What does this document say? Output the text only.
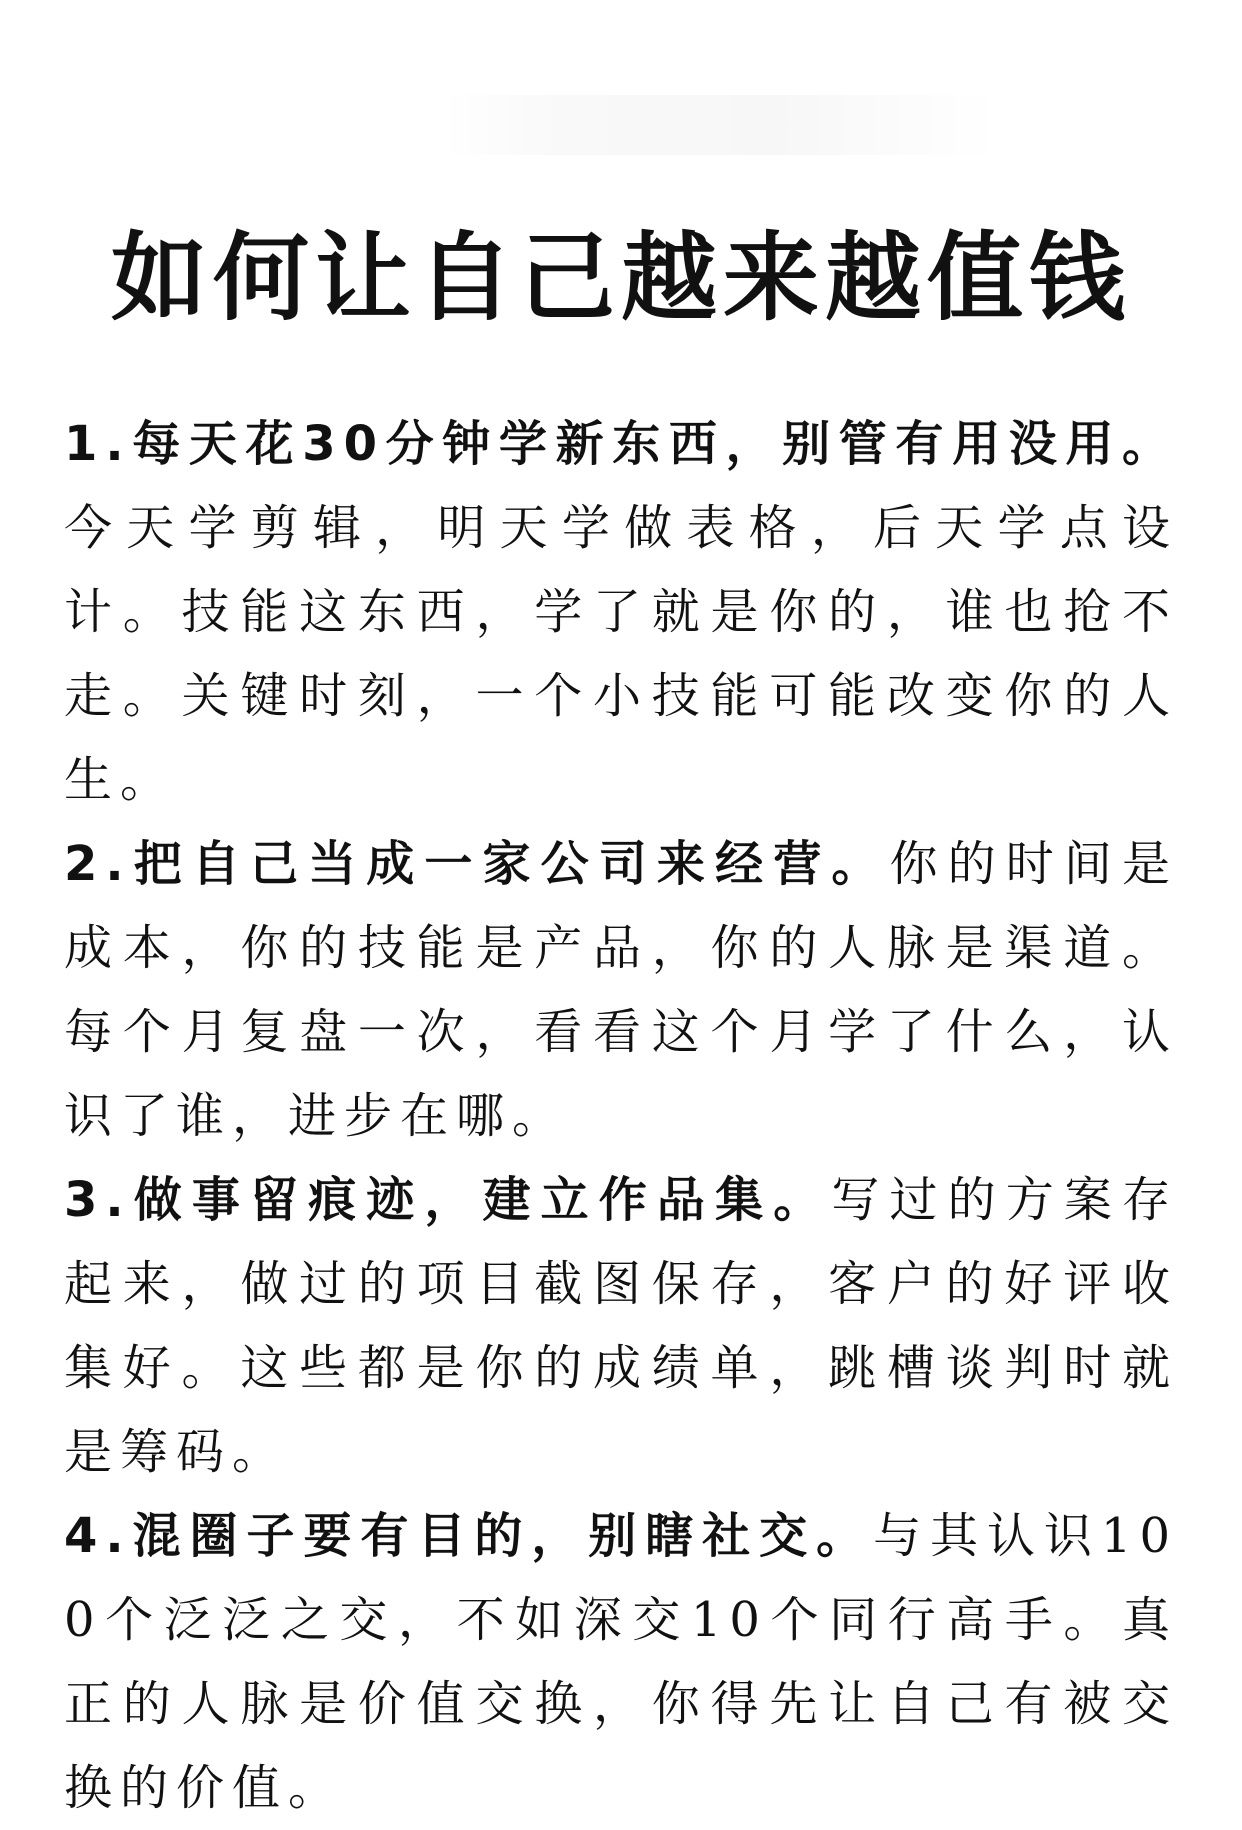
如何让自己越来越值钱

1.每天花30分钟学新东西，别管有用没用。今天学剪辑，明天学做表格，后天学点设计。技能这东西，学了就是你的，谁也抢不走。关键时刻，一个小技能可能改变你的人生。

2.把自己当成一家公司来经营。你的时间是成本，你的技能是产品，你的人脉是渠道。每个月复盘一次，看看这个月学了什么，认识了谁，进步在哪。

3.做事留痕迹，建立作品集。写过的方案存起来，做过的项目截图保存，客户的好评收集好。这些都是你的成绩单，跳槽谈判时就是筹码。

4.混圈子要有目的，别瞎社交。与其认识100个泛泛之交，不如深交10个同行高手。真正的人脉是价值交换，你得先让自己有被交换的价值。
